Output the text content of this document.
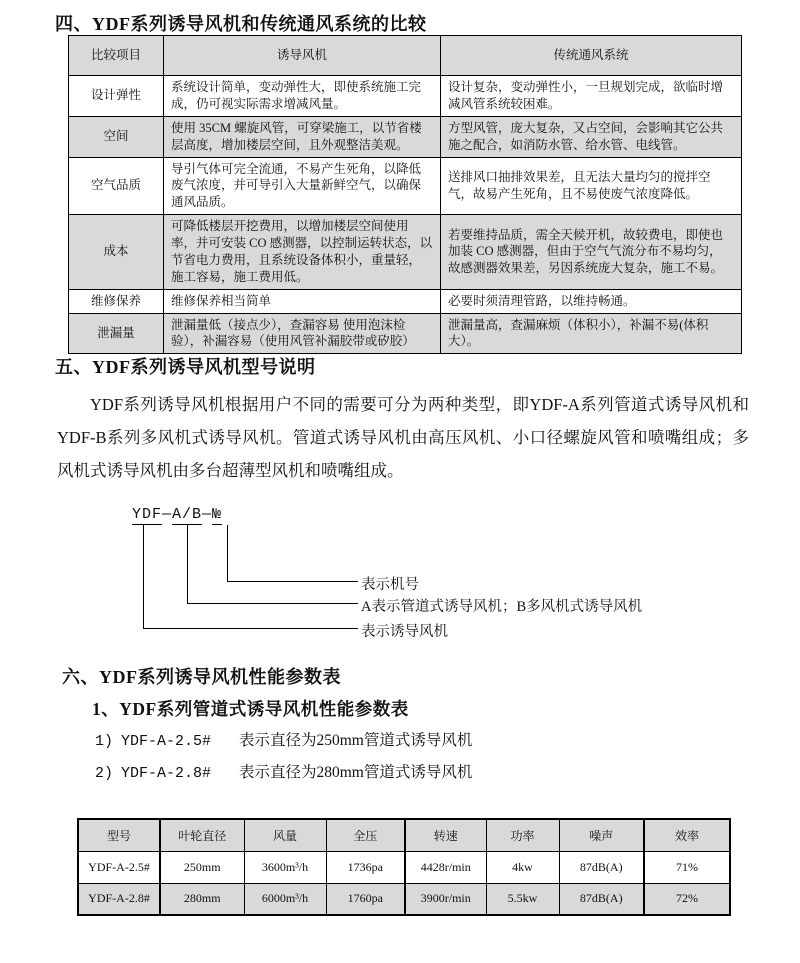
四、YDF系列诱导风机和传统通风系统的比较
比较项目	诱导风机	传统通风系统
设计弹性	系统设计简单，变动弹性大，即使系统施工完成，仍可视实际需求增减风量。	设计复杂，变动弹性小，一旦规划完成，欲临时增减风管系统较困难。
空间	使用 35CM 螺旋风管，可穿梁施工，以节省楼层高度，增加楼层空间，且外观整洁美观。	方型风管，庞大复杂，又占空间，会影响其它公共施之配合，如消防水管、给水管、电线管。
空气品质	导引气体可完全流通，不易产生死角，以降低废气浓度，并可导引入大量新鲜空气，以确保通风品质。	送排风口抽排效果差，且无法大量均匀的搅拌空气，故易产生死角，且不易使废气浓度降低。
成本	可降低楼层开挖费用，以增加楼层空间使用率，并可安装 CO 感测器，以控制运转状态，以节省电力费用，且系统设备体积小，重量轻，施工容易，施工费用低。	若要维持品质，需全天候开机，故较费电，即使也加装 CO 感测器，但由于空气气流分布不易均匀，故感测器效果差，另因系统庞大复杂，施工不易。
维修保养	维修保养相当简单	必要时须清理管路，以维持畅通。
泄漏量	泄漏量低（接点少），查漏容易 使用泡沫检验），补漏容易（使用风管补漏胶带或矽胶）	泄漏量高，查漏麻烦（体积小），补漏不易(体积大）。
五、YDF系列诱导风机型号说明

YDF系列诱导风机根据用户不同的需要可分为两种类型，即YDF-A系列管道式诱导风机和YDF-B系列多风机式诱导风机。管道式诱导风机由高压风机、小口径螺旋风管和喷嘴组成；多风机式诱导风机由多台超薄型风机和喷嘴组成。

YDF—A/B—№
表示机号
A表示管道式诱导风机；B多风机式诱导风机
表示诱导风机
六、YDF系列诱导风机性能参数表
1、YDF系列管道式诱导风机性能参数表
1) YDF-A-2.5# 表示直径为250mm管道式诱导风机
2) YDF-A-2.8# 表示直径为280mm管道式诱导风机
型号	叶轮直径	风量	全压	转速	功率	噪声	效率
YDF-A-2.5#	250mm	3600m³/h	1736pa	4428r/min	4kw	87dB(A)	71%
YDF-A-2.8#	280mm	6000m³/h	1760pa	3900r/min	5.5kw	87dB(A)	72%
